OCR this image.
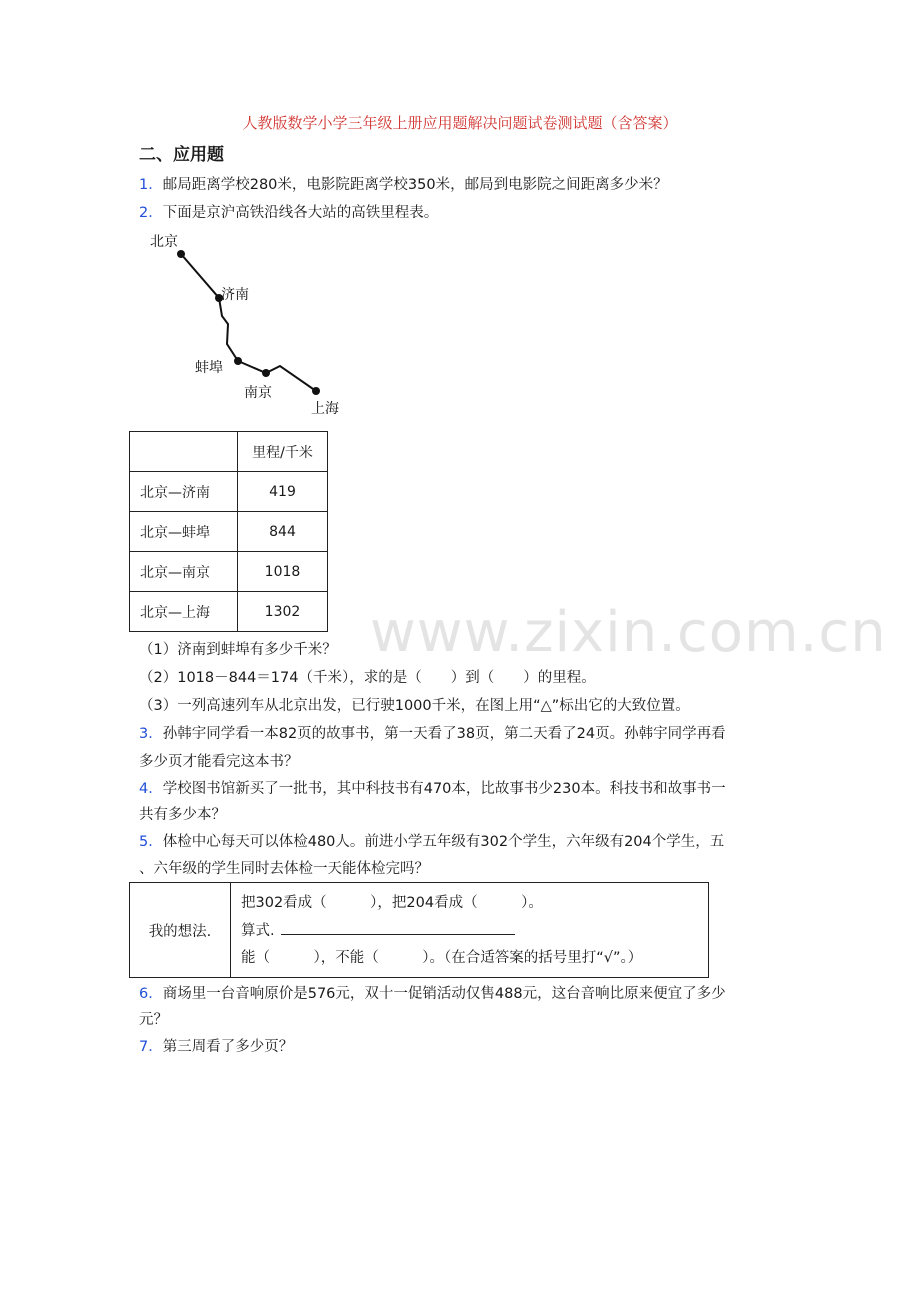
人教版数学小学三年级上册应用题解决问题试卷测试题（含答案）
二、应用题
1．邮局距离学校280米，电影院距离学校350米，邮局到电影院之间距离多少米？
2．下面是京沪高铁沿线各大站的高铁里程表。
北京
济南
蚌埠
南京
上海
	里程/千米
北京—济南	419
北京—蚌埠	844
北京—南京	1018
北京—上海	1302 www.zixin.com.cn
（1）济南到蚌埠有多少千米？
（2）1018－844＝174（千米），求的是（　　）到（　　）的里程。
（3）一列高速列车从北京出发，已行驶1000千米，在图上用“△”标出它的大致位置。
3．孙韩宇同学看一本82页的故事书，第一天看了38页，第二天看了24页。孙韩宇同学再看
多少页才能看完这本书？
4．学校图书馆新买了一批书，其中科技书有470本，比故事书少230本。科技书和故事书一
共有多少本？
5．体检中心每天可以体检480人。前进小学五年级有302个学生，六年级有204个学生，五
、六年级的学生同时去体检一天能体检完吗？
我的想法.
把302看成（　　　），把204看成（　　　）。
算式.
能（　　　），不能（　　　）。（在合适答案的括号里打“√”。）
6．商场里一台音响原价是576元，双十一促销活动仅售488元，这台音响比原来便宜了多少
元？
7．第三周看了多少页？
